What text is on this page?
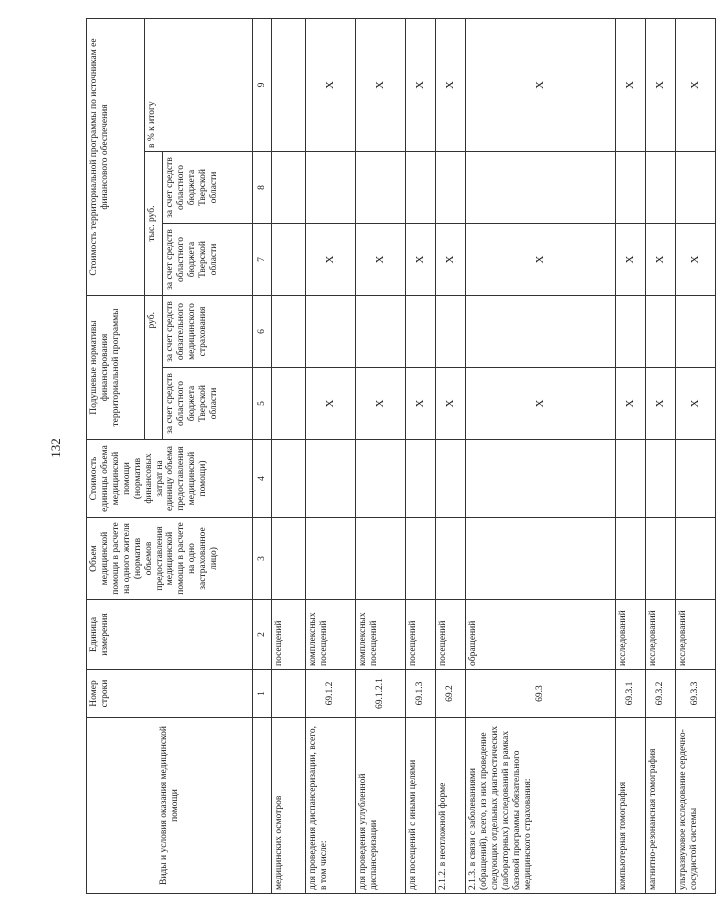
132
Виды и условия оказания медицинской помощи	Номер строки	Единица измерения	Объем медицинской помощи в расчете на одного жителя (норматив объемов предоставления медицинской помощи в расчете на одно застрахованное лицо)	Стоимость единицы объема медицинской помощи (норматив финансовых затрат на единицу объема предоставления медицинской помощи)	Подушевые нормативы финансирования территориальной программы		Стоимость территориальной программы по источникам ее финансового обеспечения		
					руб.		тыс. руб.		в % к итогу
					за счет средств областного бюджета Тверской области	за счет средств обязательного медицинского страхования	за счет средств областного бюджета Тверской области	за счет средств областного бюджета Тверской области	
	1	2	3	4	5	6	7	8	9
медицинских осмотров		посещений							
для проведения диспансеризации, всего, в том числе:	69.1.2	комплексных посещений			X		X		X
для проведения углубленной диспансеризации	69.1.2.1	комплексных посещений			X		X		X
для посещений с иными целями	69.1.3	посещений			X		X		X
2.1.2. в неотложной форме	69.2	посещений			X		X		X
2.1.3. в связи с заболеваниями (обращений), всего, из них проведение следующих отдельных диагностических (лабораторных) исследований в рамках базовой программы обязательного медицинского страхования:	69.3	обращений			X		X		X
компьютерная томография	69.3.1	исследований			X		X		X
магнитно-резонансная томография	69.3.2	исследований			X		X		X
ультразвуковое исследование сердечно-сосудистой системы	69.3.3	исследований			X		X		X
